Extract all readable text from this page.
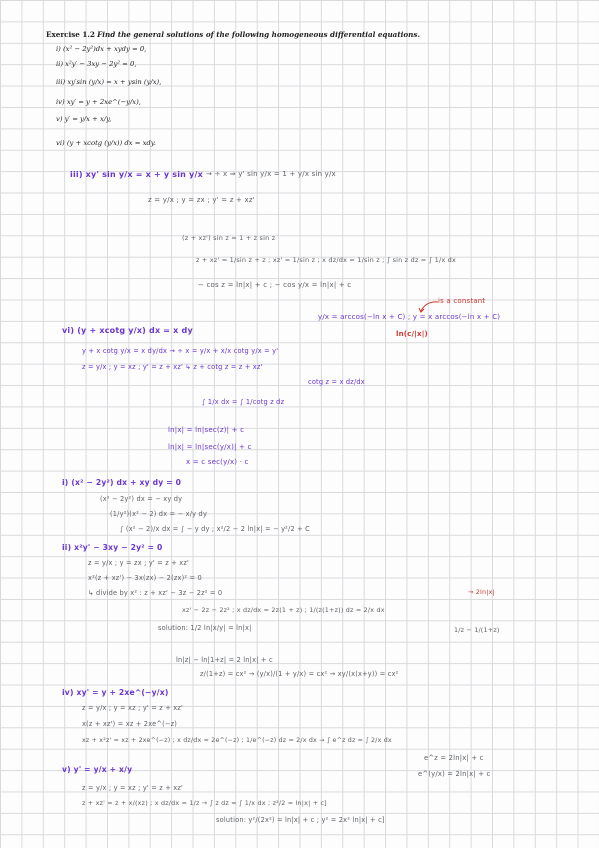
Exercise 1.2 Find the general solutions of the following homogeneous differential equations.
i) (x² − 2y²)dx + xydy = 0,
ii) x²y′ − 3xy − 2y² = 0,
iii) xy′sin (y/x) = x + ysin (y/x),
iv) xy′ = y + 2xe^(−y/x),
v) y′ = y/x + x/y,
vi) (y + xcotg (y/x)) dx = xdy.
iii) xy' sin y/x = x + y sin y/x → ÷ x ⇒ y' sin y/x = 1 + y/x sin y/x
z = y/x ; y = zx ; y' = z + xz'
(z + xz') sin z = 1 + z sin z
z + xz' = 1/sin z + z ; xz' = 1/sin z ; x dz/dx = 1/sin z ; ∫ sin z dz = ∫ 1/x dx
− cos z = ln|x| + c ; − cos y/x = ln|x| + c
is a constant
y/x = arccos(−ln x + C) ; y = x arccos(−ln x + C)
ln(c/|x|)
vi) (y + xcotg y/x) dx = x dy
y + x cotg y/x = x dy/dx → ÷ x = y/x + x/x cotg y/x = y'
z = y/x ; y = xz ; y' = z + xz' ↳ z + cotg z = z + xz'
cotg z = x dz/dx
∫ 1/x dx = ∫ 1/cotg z dz
ln|x| = ln|sec(z)| + c
ln|x| = ln|sec(y/x)| + c
x = c sec(y/x) · c
i) (x² − 2y²) dx + xy dy = 0
(x² − 2y²) dx = − xy dy
(1/y²)(x² − 2) dx = − x/y dy
∫ (x² − 2)/x dx = ∫ − y dy ; x²/2 − 2 ln|x| = − y²/2 + C
ii) x²y' − 3xy − 2y² = 0
z = y/x ; y = zx ; y' = z + xz'
x²(z + xz') − 3x(zx) − 2(zx)² = 0
↳ divide by x² : z + xz' − 3z − 2z² = 0	→ 2ln|x|
xz' − 2z − 2z² ; x dz/dx = 2z(1 + z) ; 1/(z(1+z)) dz = 2/x dx
solution: 1/2 ln|x/y| = ln|x|	1/z − 1/(1+z)
ln|z| − ln|1+z| = 2 ln|x| + c
z/(1+z) = cx² → (y/x)/(1 + y/x) = cx² → xy/(x(x+y)) = cx²
iv) xy' = y + 2xe^(−y/x)
z = y/x ; y = xz ; y' = z + xz'
x(z + xz') = xz + 2xe^(−z)
xz + x²z' = xz + 2xe^(−z) ; x dz/dx = 2e^(−z) ; 1/e^(−z) dz = 2/x dx → ∫ e^z dz = ∫ 2/x dx
e^z = 2ln|x| + c
e^(y/x) = 2ln|x| + c
v) y' = y/x + x/y
z = y/x ; y = xz ; y' = z + xz'
z + xz' = z + x/(xz) ; x dz/dx = 1/z → ∫ z dz = ∫ 1/x dx ; z²/2 = ln|x| + c]
solution: y²/(2x²) = ln|x| + c ; y² = 2x² ln|x| + c]
